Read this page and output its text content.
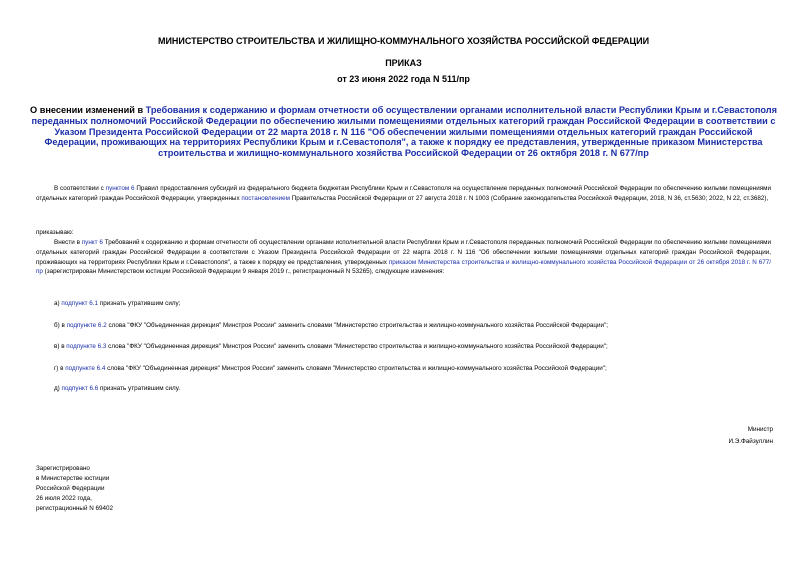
МИНИСТЕРСТВО СТРОИТЕЛЬСТВА И ЖИЛИЩНО-КОММУНАЛЬНОГО ХОЗЯЙСТВА РОССИЙСКОЙ ФЕДЕРАЦИИ
ПРИКАЗ
от 23 июня 2022 года N 511/пр
О внесении изменений в Требования к содержанию и формам отчетности об осуществлении органами исполнительной власти Республики Крым и г.Севастополя переданных полномочий Российской Федерации по обеспечению жилыми помещениями отдельных категорий граждан Российской Федерации в соответствии с Указом Президента Российской Федерации от 22 марта 2018 г. N 116 "Об обеспечении жилыми помещениями отдельных категорий граждан Российской Федерации, проживающих на территориях Республики Крым и г.Севастополя", а также к порядку ее представления, утвержденные приказом Министерства строительства и жилищно-коммунального хозяйства Российской Федерации от 26 октября 2018 г. N 677/пр
В соответствии с пунктом 6 Правил предоставления субсидий из федерального бюджета бюджетам Республики Крым и г.Севастополя на осуществление переданных полномочий Российской Федерации по обеспечению жилыми помещениями отдельных категорий граждан Российской Федерации, утвержденных постановлением Правительства Российской Федерации от 27 августа 2018 г. N 1003 (Собрание законодательства Российской Федерации, 2018, N 36, ст.5630; 2022, N 22, ст.3682),
приказываю:
Внести в пункт 6 Требований к содержанию и формам отчетности об осуществлении органами исполнительной власти Республики Крым и г.Севастополя переданных полномочий Российской Федерации по обеспечению жилыми помещениями отдельных категорий граждан Российской Федерации в соответствии с Указом Президента Российской Федерации от 22 марта 2018 г. N 116 "Об обеспечении жилыми помещениями отдельных категорий граждан Российской Федерации, проживающих на территориях Республики Крым и г.Севастополя", а также к порядку ее представления, утвержденных приказом Министерства строительства и жилищно-коммунального хозяйства Российской Федерации от 26 октября 2018 г. N 677/пр (зарегистрирован Министерством юстиции Российской Федерации 9 января 2019 г., регистрационный N 53265), следующие изменения:
а) подпункт 6.1 признать утратившим силу;
б) в подпункте 6.2 слова "ФКУ "Объединенная дирекция" Минстроя России" заменить словами "Министерство строительства и жилищно-коммунального хозяйства Российской Федерации";
в) в подпункте 6.3 слова "ФКУ "Объединенная дирекция" Минстроя России" заменить словами "Министерство строительства и жилищно-коммунального хозяйства Российской Федерации";
г) в подпункте 6.4 слова "ФКУ "Объединенная дирекция" Минстроя России" заменить словами "Министерство строительства и жилищно-коммунального хозяйства Российской Федерации";
д) подпункт 6.6 признать утратившим силу.
Министр
И.Э.Файзуллин
Зарегистрировано
в Министерстве юстиции
Российской Федерации
26 июля 2022 года,
регистрационный N 69402
